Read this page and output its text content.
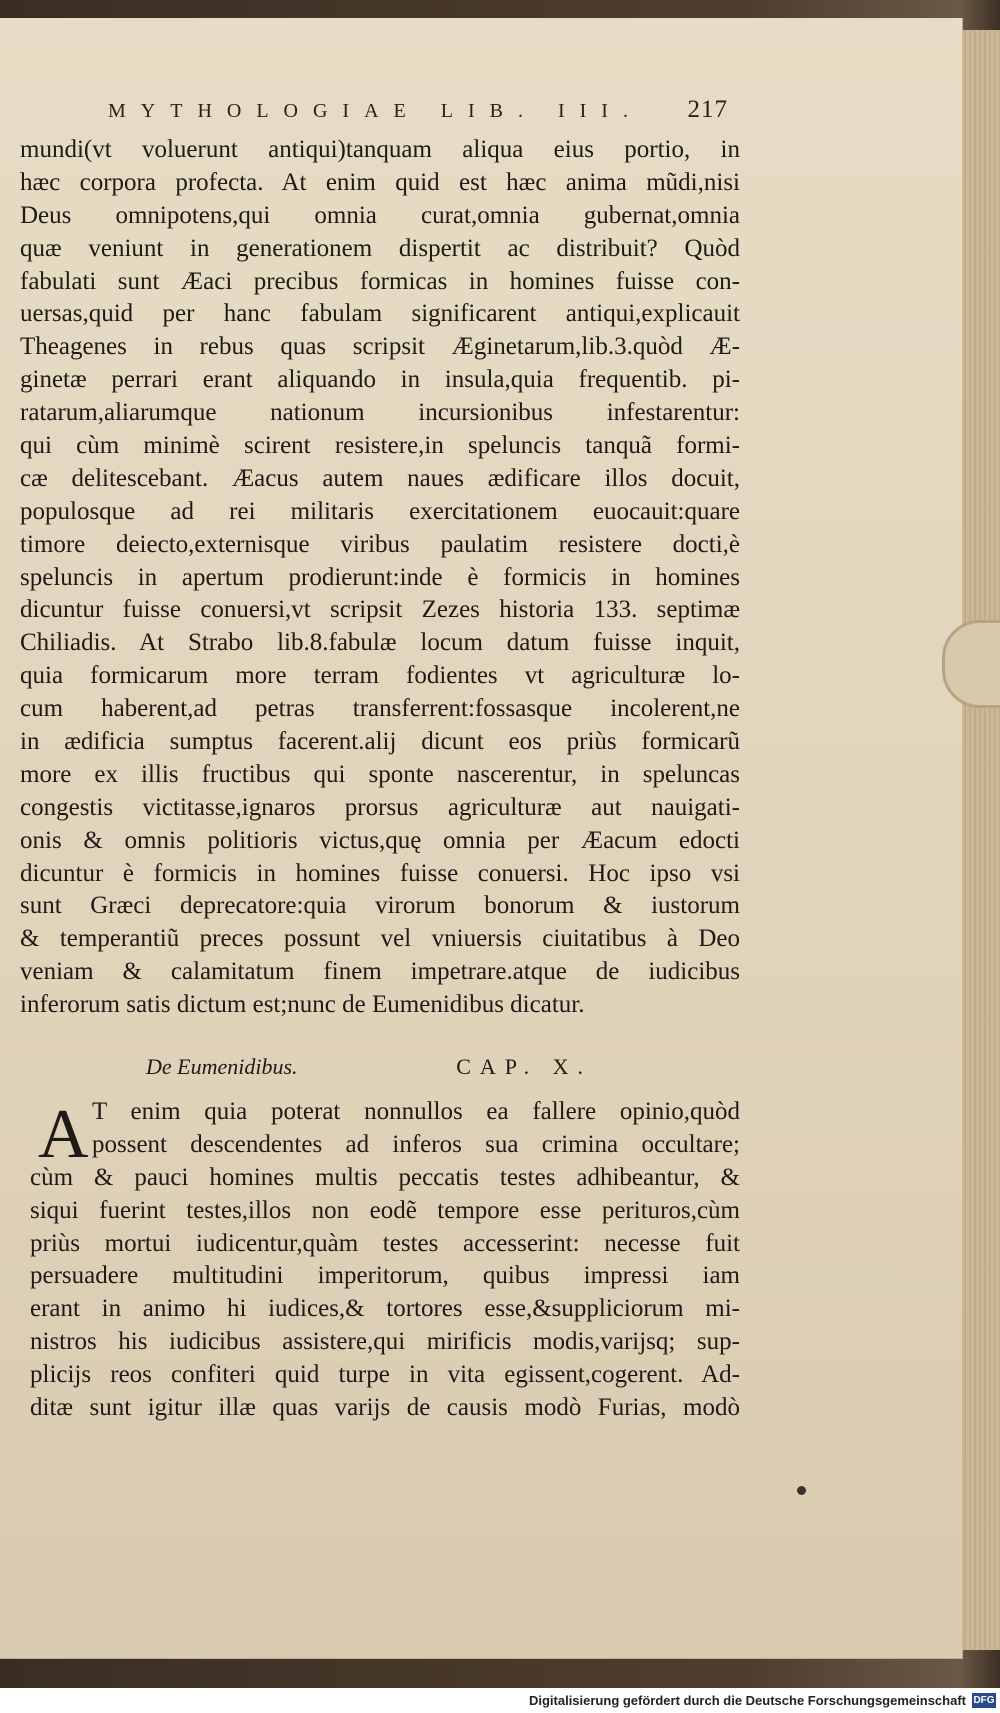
MYTHOLOGIAE LIB. III. 217
mundi(vt voluerunt antiqui)tanquam aliqua eius portio, in
hæc corpora profecta. At enim quid est hæc anima mũdi,nisi
Deus omnipotens,qui omnia curat,omnia gubernat,omnia
quæ veniunt in generationem dispertit ac distribuit? Quòd
fabulati sunt Æaci precibus formicas in homines fuisse con-
uersas,quid per hanc fabulam significarent antiqui,explicauit
Theagenes in rebus quas scripsit Æginetarum,lib.3.quòd Æ-
ginetæ perrari erant aliquando in insula,quia frequentib. pi-
ratarum,aliarumque nationum incursionibus infestarentur:
qui cùm minimè scirent resistere,in speluncis tanquã formi-
cæ delitescebant. Æacus autem naues ædificare illos docuit,
populosque ad rei militaris exercitationem euocauit:quare
timore deiecto,externisque viribus paulatim resistere docti,è
speluncis in apertum prodierunt:inde è formicis in homines
dicuntur fuisse conuersi,vt scripsit Zezes historia 133. septimæ
Chiliadis. At Strabo lib.8.fabulæ locum datum fuisse inquit,
quia formicarum more terram fodientes vt agriculturæ lo-
cum haberent,ad petras transferrent:fossasque incolerent,ne
in ædificia sumptus facerent.alij dicunt eos priùs formicarũ
more ex illis fructibus qui sponte nascerentur, in speluncas
congestis victitasse,ignaros prorsus agriculturæ aut nauigati-
onis & omnis politioris victus,quę omnia per Æacum edocti
dicuntur è formicis in homines fuisse conuersi. Hoc ipso vsi
sunt Græci deprecatore:quia virorum bonorum & iustorum
& temperantiũ preces possunt vel vniuersis ciuitatibus à Deo
veniam & calamitatum finem impetrare.atque de iudicibus
inferorum satis dictum est;nunc de Eumenidibus dicatur.
De Eumenidibus.	CAP. X.
A T enim quia poterat nonnullos ea fallere opinio,quòd
possent descendentes ad inferos sua crimina occultare;
cùm & pauci homines multis peccatis testes adhibeantur, &
siqui fuerint testes,illos non eodẽ tempore esse perituros,cùm
priùs mortui iudicentur,quàm testes accesserint: necesse fuit
persuadere multitudini imperitorum, quibus impressi iam
erant in animo hi iudices,& tortores esse,&suppliciorum mi-
nistros his iudicibus assistere,qui mirificis modis,varijsq; sup-
plicijs reos confiteri quid turpe in vita egissent,cogerent. Ad-
ditæ sunt igitur illæ quas varijs de causis modò Furias, modò
Digitalisierung gefördert durch die Deutsche Forschungsgemeinschaft DFG
